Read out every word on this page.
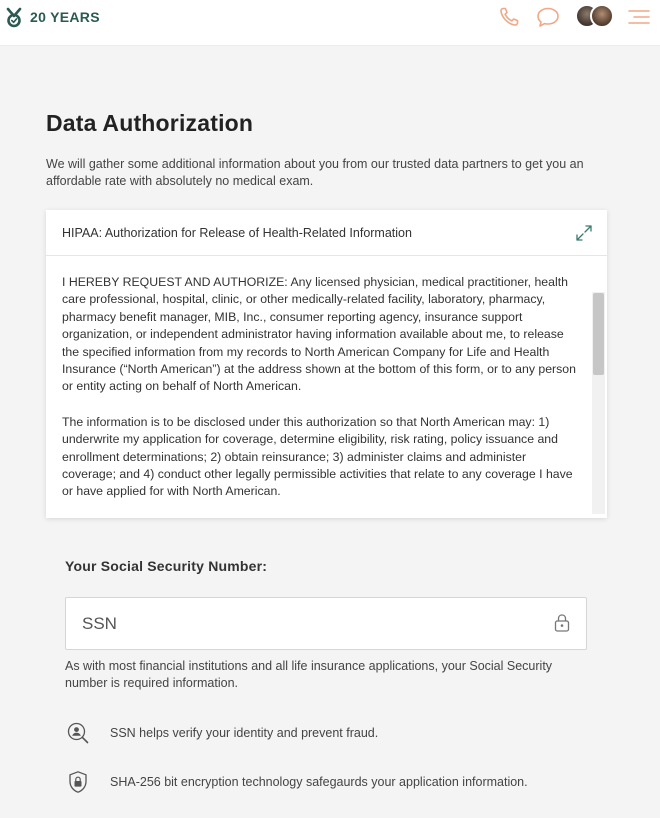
20 YEARS
Data Authorization

We will gather some additional information about you from our trusted data partners to get you an affordable rate with absolutely no medical exam.

HIPAA: Authorization for Release of Health-Related Information

I HEREBY REQUEST AND AUTHORIZE: Any licensed physician, medical practitioner, health care professional, hospital, clinic, or other medically-related facility, laboratory, pharmacy, pharmacy benefit manager, MIB, Inc., consumer reporting agency, insurance support organization, or independent administrator having information available about me, to release the specified information from my records to North American Company for Life and Health Insurance (“North American”) at the address shown at the bottom of this form, or to any person or entity acting on behalf of North American.

The information is to be disclosed under this authorization so that North American may: 1) underwrite my application for coverage, determine eligibility, risk rating, policy issuance and enrollment determinations; 2) obtain reinsurance; 3) administer claims and administer coverage; and 4) conduct other legally permissible activities that relate to any coverage I have or have applied for with North American.

Your Social Security Number:
SSN

As with most financial institutions and all life insurance applications, your Social Security number is required information.

SSN helps verify your identity and prevent fraud.
SHA-256 bit encryption technology safegaurds your application information.
